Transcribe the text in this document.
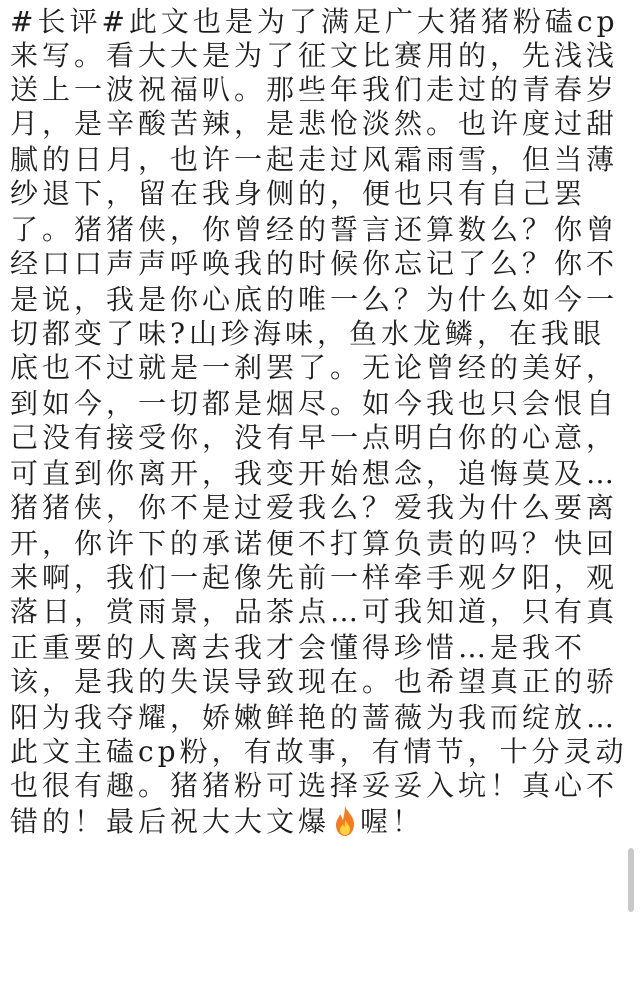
#长评#此文也是为了满足广大猪猪粉磕cp
来写。看大大是为了征文比赛用的，先浅浅
送上一波祝福叭。那些年我们走过的青春岁
月，是辛酸苦辣，是悲怆淡然。也许度过甜
腻的日月，也许一起走过风霜雨雪，但当薄
纱退下，留在我身侧的，便也只有自己罢
了。猪猪侠，你曾经的誓言还算数么？你曾
经口口声声呼唤我的时候你忘记了么？你不
是说，我是你心底的唯一么？为什么如今一
切都变了味?山珍海味，鱼水龙鳞，在我眼
底也不过就是一刹罢了。无论曾经的美好，
到如今，一切都是烟尽。如今我也只会恨自
己没有接受你，没有早一点明白你的心意，
可直到你离开，我变开始想念，追悔莫及…
猪猪侠，你不是过爱我么？爱我为什么要离
开，你许下的承诺便不打算负责的吗？快回
来啊，我们一起像先前一样牵手观夕阳，观
落日，赏雨景，品茶点…可我知道，只有真
正重要的人离去我才会懂得珍惜…是我不
该，是我的失误导致现在。也希望真正的骄
阳为我夺耀，娇嫩鲜艳的蔷薇为我而绽放…
此文主磕cp粉，有故事，有情节，十分灵动
也很有趣。猪猪粉可选择妥妥入坑！真心不
错的！最后祝大大文爆 喔！
